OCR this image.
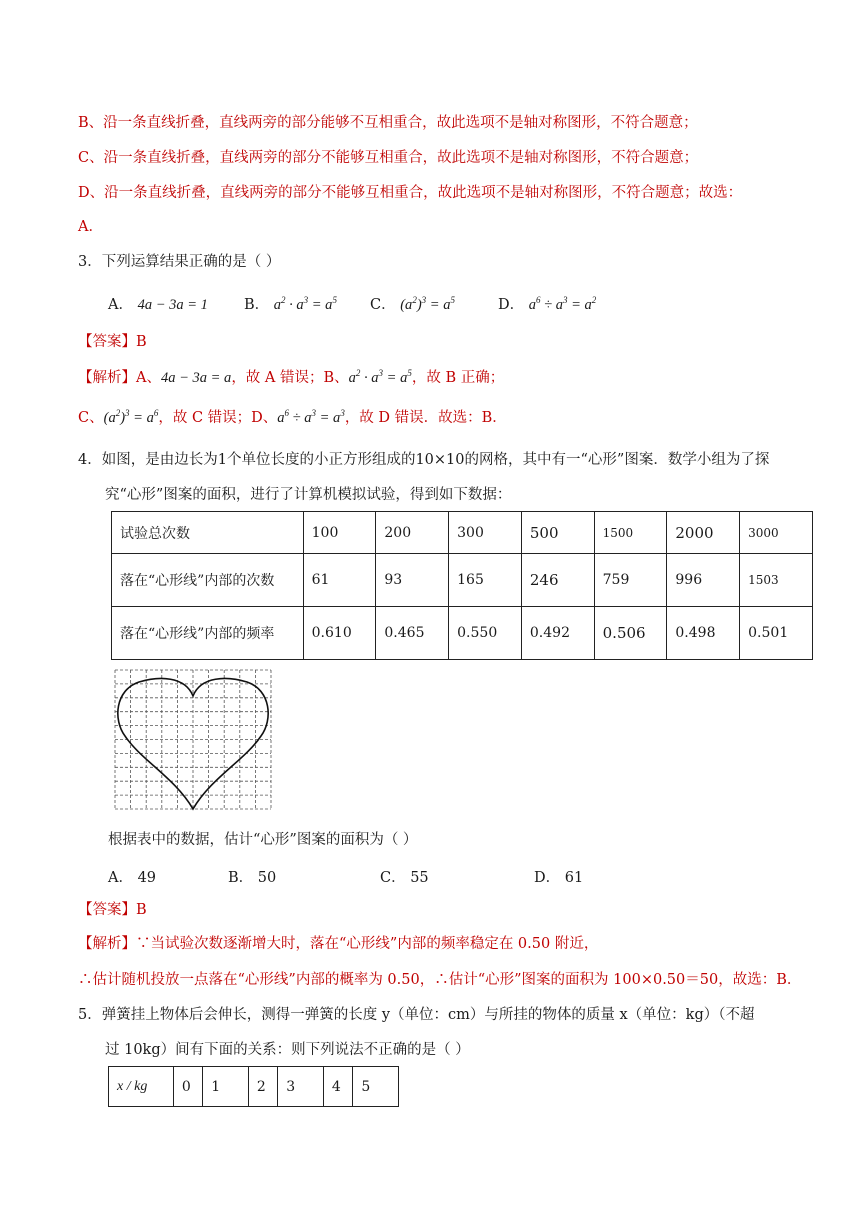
B、沿一条直线折叠，直线两旁的部分能够不互相重合，故此选项不是轴对称图形，不符合题意；
C、沿一条直线折叠，直线两旁的部分不能够互相重合，故此选项不是轴对称图形，不符合题意；
D、沿一条直线折叠，直线两旁的部分不能够互相重合，故此选项不是轴对称图形，不符合题意；故选：
A．
3．下列运算结果正确的是（ ）
A． 4a − 3a = 1 B． $a^2 \cdot a^3 = a^5$ C． $(a^2)^3 = a^5$	D． $a^6 \div a^3 = a^2$
【答案】B
【解析】A、4a − 3a = a，故 A 错误；B、$a^2 \cdot a^3 = a^5$，故 B 正确；
C、$(a^2)^3 = a^6$，故 C 错误；D、$a^6 \div a^3 = a^3$，故 D 错误．故选：B．
4．如图，是由边长为1个单位长度的小正方形组成的10×10的网格，其中有一“心形”图案．数学小组为了探
究“心形”图案的面积，进行了计算机模拟试验，得到如下数据：
试验总次数	100	200	300	500	1500	2000	3000
落在“心形线”内部的次数	61	93	165	246	759	996	1503
落在“心形线”内部的频率	0.610	0.465	0.550	0.492	0.506	0.498	0.501
根据表中的数据，估计“心形”图案的面积为（ ）
A． 49	B． 50	C． 55	D． 61
【答案】B
【解析】∵当试验次数逐渐增大时，落在“心形线”内部的频率稳定在 0.50 附近，
∴估计随机投放一点落在“心形线”内部的概率为 0.50，∴估计“心形”图案的面积为 100×0.50＝50，故选：B．
5．弹簧挂上物体后会伸长，测得一弹簧的长度 y（单位：cm）与所挂的物体的质量 x（单位：kg）（不超
过 10kg）间有下面的关系：则下列说法不正确的是（ ）
x / kg	0	1	2	3	4	5
